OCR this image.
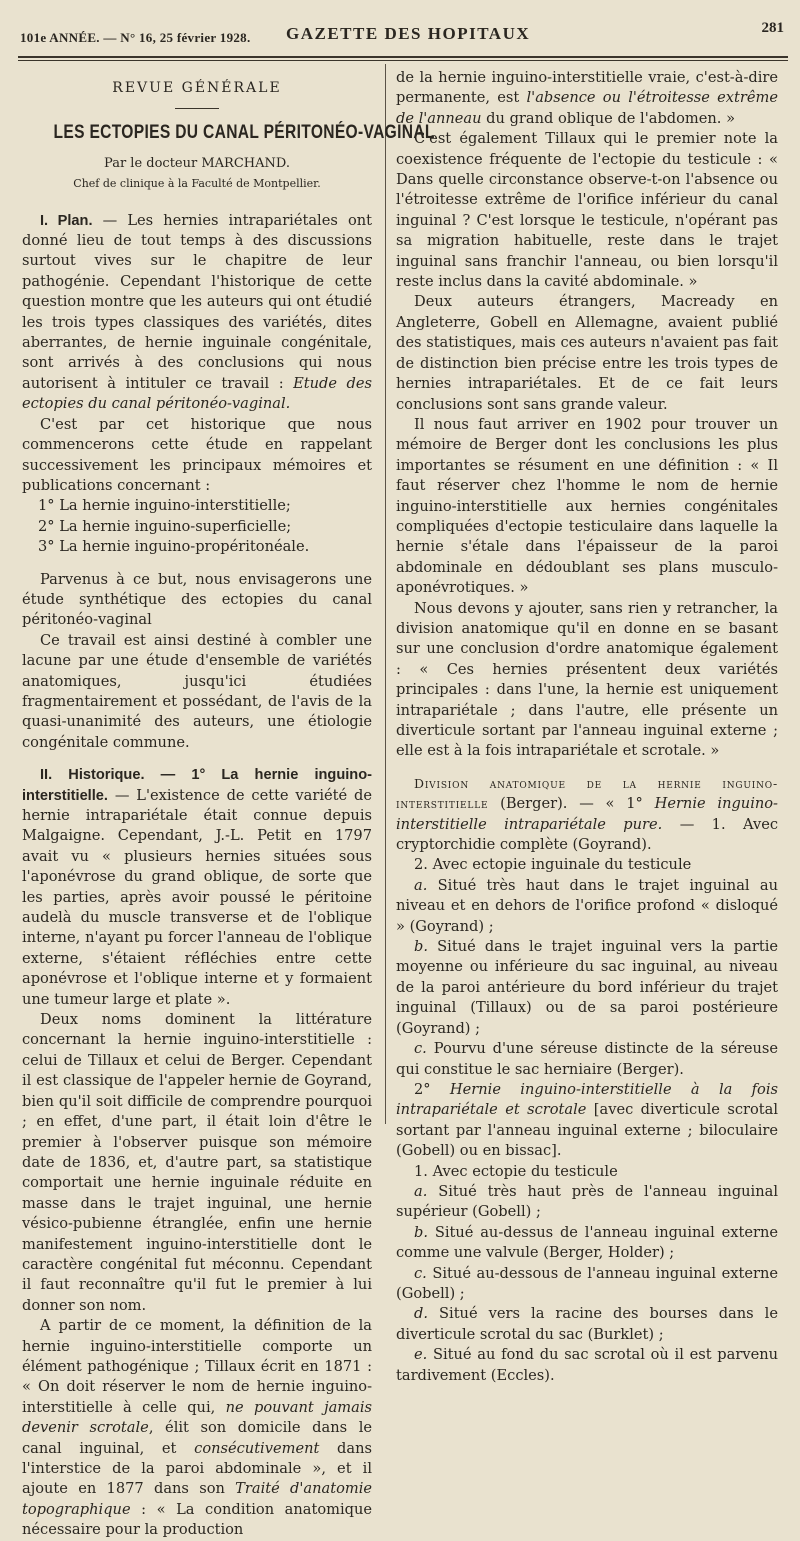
101e ANNÉE. — N° 16, 25 février 1928. GAZETTE DES HOPITAUX	281

REVUE GÉNÉRALE

LES ECTOPIES DU CANAL PÉRITONÉO-VAGINAL

Par le docteur MARCHAND.

Chef de clinique à la Faculté de Montpellier.

I. Plan. — Les hernies intrapariétales ont donné lieu de tout temps à des discussions surtout vives sur le chapitre de leur pathogénie. Cependant l'historique de cette question montre que les auteurs qui ont étudié les trois types classiques des variétés, dites aberrantes, de hernie inguinale congénitale, sont arrivés à des conclusions qui nous autorisent à intituler ce travail : Etude des ectopies du canal péritonéo-vaginal.

C'est par cet historique que nous commencerons cette étude en rappelant successivement les principaux mémoires et publications concernant :

1° La hernie inguino-interstitielle;
2° La hernie inguino-superficielle;
3° La hernie inguino-propéritonéale.

Parvenus à ce but, nous envisagerons une étude synthétique des ectopies du canal péritonéo-vaginal

Ce travail est ainsi destiné à combler une lacune par une étude d'ensemble de variétés anatomiques, jusqu'ici étudiées fragmentairement et possédant, de l'avis de la quasi-unanimité des auteurs, une étiologie congénitale commune.

II. Historique. — 1° La hernie inguino-interstitielle. — L'existence de cette variété de hernie intrapariétale était connue depuis Malgaigne. Cependant, J.-L. Petit en 1797 avait vu « plusieurs hernies situées sous l'aponévrose du grand oblique, de sorte que les parties, après avoir poussé le péritoine audelà du muscle transverse et de l'oblique interne, n'ayant pu forcer l'anneau de l'oblique externe, s'étaient réfléchies entre cette aponévrose et l'oblique interne et y formaient une tumeur large et plate ».

Deux noms dominent la littérature concernant la hernie inguino-interstitielle : celui de Tillaux et celui de Berger. Cependant il est classique de l'appeler hernie de Goyrand, bien qu'il soit difficile de comprendre pourquoi ; en effet, d'une part, il était loin d'être le premier à l'observer puisque son mémoire date de 1836, et, d'autre part, sa statistique comportait une hernie inguinale réduite en masse dans le trajet inguinal, une hernie vésico-pubienne étranglée, enfin une hernie manifestement inguino-interstitielle dont le caractère congénital fut méconnu. Cependant il faut reconnaître qu'il fut le premier à lui donner son nom.

A partir de ce moment, la définition de la hernie inguino-interstitielle comporte un élément pathogénique ; Tillaux écrit en 1871 : « On doit réserver le nom de hernie inguino-interstitielle à celle qui, ne pouvant jamais devenir scrotale, élit son domicile dans le canal inguinal, et consécutivement dans l'interstice de la paroi abdominale », et il ajoute en 1877 dans son Traité d'anatomie topographique : « La condition anatomique nécessaire pour la production

de la hernie inguino-interstitielle vraie, c'est-à-dire permanente, est l'absence ou l'étroitesse extrême de l'anneau du grand oblique de l'abdomen. »

C'est également Tillaux qui le premier note la coexistence fréquente de l'ectopie du testicule : « Dans quelle circonstance observe-t-on l'absence ou l'étroitesse extrême de l'orifice inférieur du canal inguinal ? C'est lorsque le testicule, n'opérant pas sa migration habituelle, reste dans le trajet inguinal sans franchir l'anneau, ou bien lorsqu'il reste inclus dans la cavité abdominale. »

Deux auteurs étrangers, Macready en Angleterre, Gobell en Allemagne, avaient publié des statistiques, mais ces auteurs n'avaient pas fait de distinction bien précise entre les trois types de hernies intrapariétales. Et de ce fait leurs conclusions sont sans grande valeur.

Il nous faut arriver en 1902 pour trouver un mémoire de Berger dont les conclusions les plus importantes se résument en une définition : « Il faut réserver chez l'homme le nom de hernie inguino-interstitielle aux hernies congénitales compliquées d'ectopie testiculaire dans laquelle la hernie s'étale dans l'épaisseur de la paroi abdominale en dédoublant ses plans musculo-aponévrotiques. »

Nous devons y ajouter, sans rien y retrancher, la division anatomique qu'il en donne en se basant sur une conclusion d'ordre anatomique également : « Ces hernies présentent deux variétés principales : dans l'une, la hernie est uniquement intrapariétale ; dans l'autre, elle présente un diverticule sortant par l'anneau inguinal externe ; elle est à la fois intrapariétale et scrotale. »

Division anatomique de la hernie inguino-interstitielle (Berger). — « 1° Hernie inguino-interstitielle intrapariétale pure. — 1. Avec cryptorchidie complète (Goyrand).

2. Avec ectopie inguinale du testicule

a. Situé très haut dans le trajet inguinal au niveau et en dehors de l'orifice profond « disloqué » (Goyrand) ;

b. Situé dans le trajet inguinal vers la partie moyenne ou inférieure du sac inguinal, au niveau de la paroi antérieure du bord inférieur du trajet inguinal (Tillaux) ou de sa paroi postérieure (Goyrand) ;

c. Pourvu d'une séreuse distincte de la séreuse qui constitue le sac herniaire (Berger).

2° Hernie inguino-interstitielle à la fois intrapariétale et scrotale [avec diverticule scrotal sortant par l'anneau inguinal externe ; biloculaire (Gobell) ou en bissac].

1. Avec ectopie du testicule

a. Situé très haut près de l'anneau inguinal supérieur (Gobell) ;

b. Situé au-dessus de l'anneau inguinal externe comme une valvule (Berger, Holder) ;

c. Situé au-dessous de l'anneau inguinal externe (Gobell) ;

d. Situé vers la racine des bourses dans le diverticule scrotal du sac (Burklet) ;

e. Situé au fond du sac scrotal où il est parvenu tardivement (Eccles).
